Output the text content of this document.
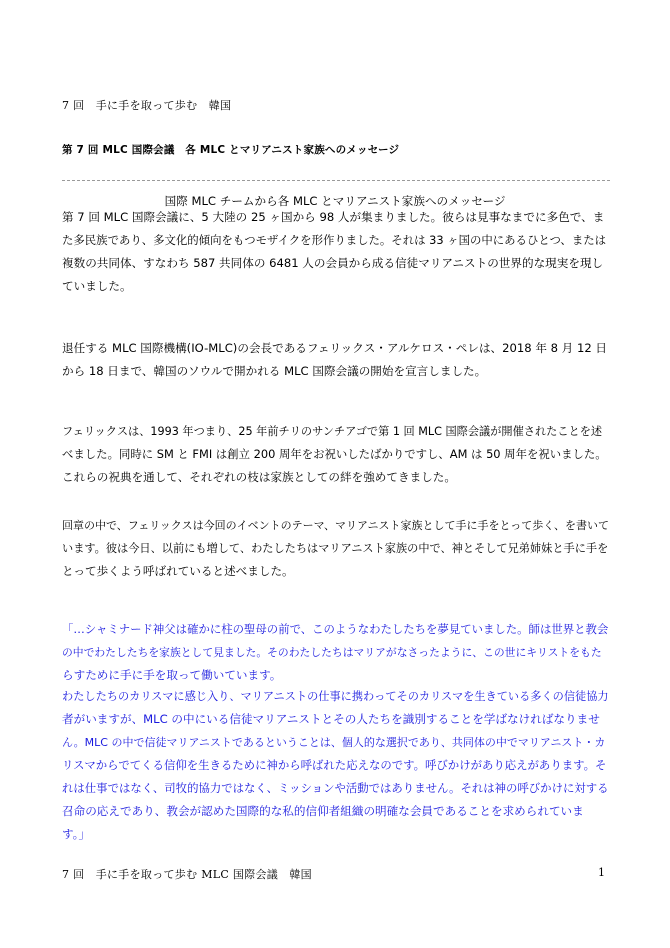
7 回　手に手を取って歩む　韓国
第 7 回 MLC 国際会議　各 MLC とマリアニスト家族へのメッセージ
国際 MLC チームから各 MLC とマリアニスト家族へのメッセージ
第 7 回 MLC 国際会議に、5 大陸の 25 ヶ国から 98 人が集まりました。彼らは見事なまでに多色で、ま
た多民族であり、多文化的傾向をもつモザイクを形作りました。それは 33 ヶ国の中にあるひとつ、または
複数の共同体、すなわち 587 共同体の 6481 人の会員から成る信徒マリアニストの世界的な現実を現し
ていました。
退任する MLC 国際機構(IO-MLC)の会長であるフェリックス・アルケロス・ペレは、2018 年 8 月 12 日
から 18 日まで、韓国のソウルで開かれる MLC 国際会議の開始を宣言しました。
フェリックスは、1993 年つまり、25 年前チリのサンチアゴで第 1 回 MLC 国際会議が開催されたことを述
べました。同時に SM と FMI は創立 200 周年をお祝いしたばかりですし、AM は 50 周年を祝いました。
これらの祝典を通して、それぞれの枝は家族としての絆を強めてきました。
回章の中で、フェリックスは今回のイベントのテーマ、マリアニスト家族として手に手をとって歩く、を書いて
います。彼は今日、以前にも増して、わたしたちはマリアニスト家族の中で、神とそして兄弟姉妹と手に手を
とって歩くよう呼ばれていると述べました。
「…シャミナード神父は確かに柱の聖母の前で、このようなわたしたちを夢見ていました。師は世界と教会
の中でわたしたちを家族として見ました。そのわたしたちはマリアがなさったように、この世にキリストをもた
らすために手に手を取って働いています。
わたしたちのカリスマに感じ入り、マリアニストの仕事に携わってそのカリスマを生きている多くの信徒協力
者がいますが、MLC の中にいる信徒マリアニストとその人たちを識別することを学ばなければなりませ
ん。MLC の中で信徒マリアニストであるということは、個人的な選択であり、共同体の中でマリアニスト・カ
リスマからでてくる信仰を生きるために神から呼ばれた応えなのです。呼びかけがあり応えがあります。そ
れは仕事ではなく、司牧的協力ではなく、ミッションや活動ではありません。それは神の呼びかけに対する
召命の応えであり、教会が認めた国際的な私的信仰者組織の明確な会員であることを求められていま
す。」
7 回　手に手を取って歩む MLC 国際会議　韓国	1
